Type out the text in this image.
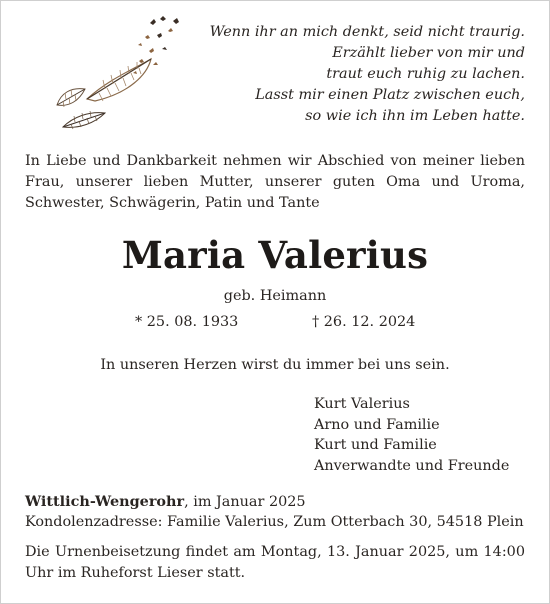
Wenn ihr an mich denkt, seid nicht traurig.
Erzählt lieber von mir und
traut euch ruhig zu lachen.
Lasst mir einen Platz zwischen euch,
so wie ich ihn im Leben hatte.
In Liebe und Dankbarkeit nehmen wir Abschied von meiner lieben Frau, unserer lieben Mutter, unserer guten Oma und Uroma, Schwester, Schwägerin, Patin und Tante
Maria Valerius
geb. Heimann
* 25. 08. 1933	† 26. 12. 2024
In unseren Herzen wirst du immer bei uns sein.
Kurt Valerius
Arno und Familie
Kurt und Familie
Anverwandte und Freunde
Wittlich-Wengerohr, im Januar 2025
Kondolenzadresse: Familie Valerius, Zum Otterbach 30, 54518 Plein
Die Urnenbeisetzung findet am Montag, 13. Januar 2025, um 14:00 Uhr im Ruheforst Lieser statt.
